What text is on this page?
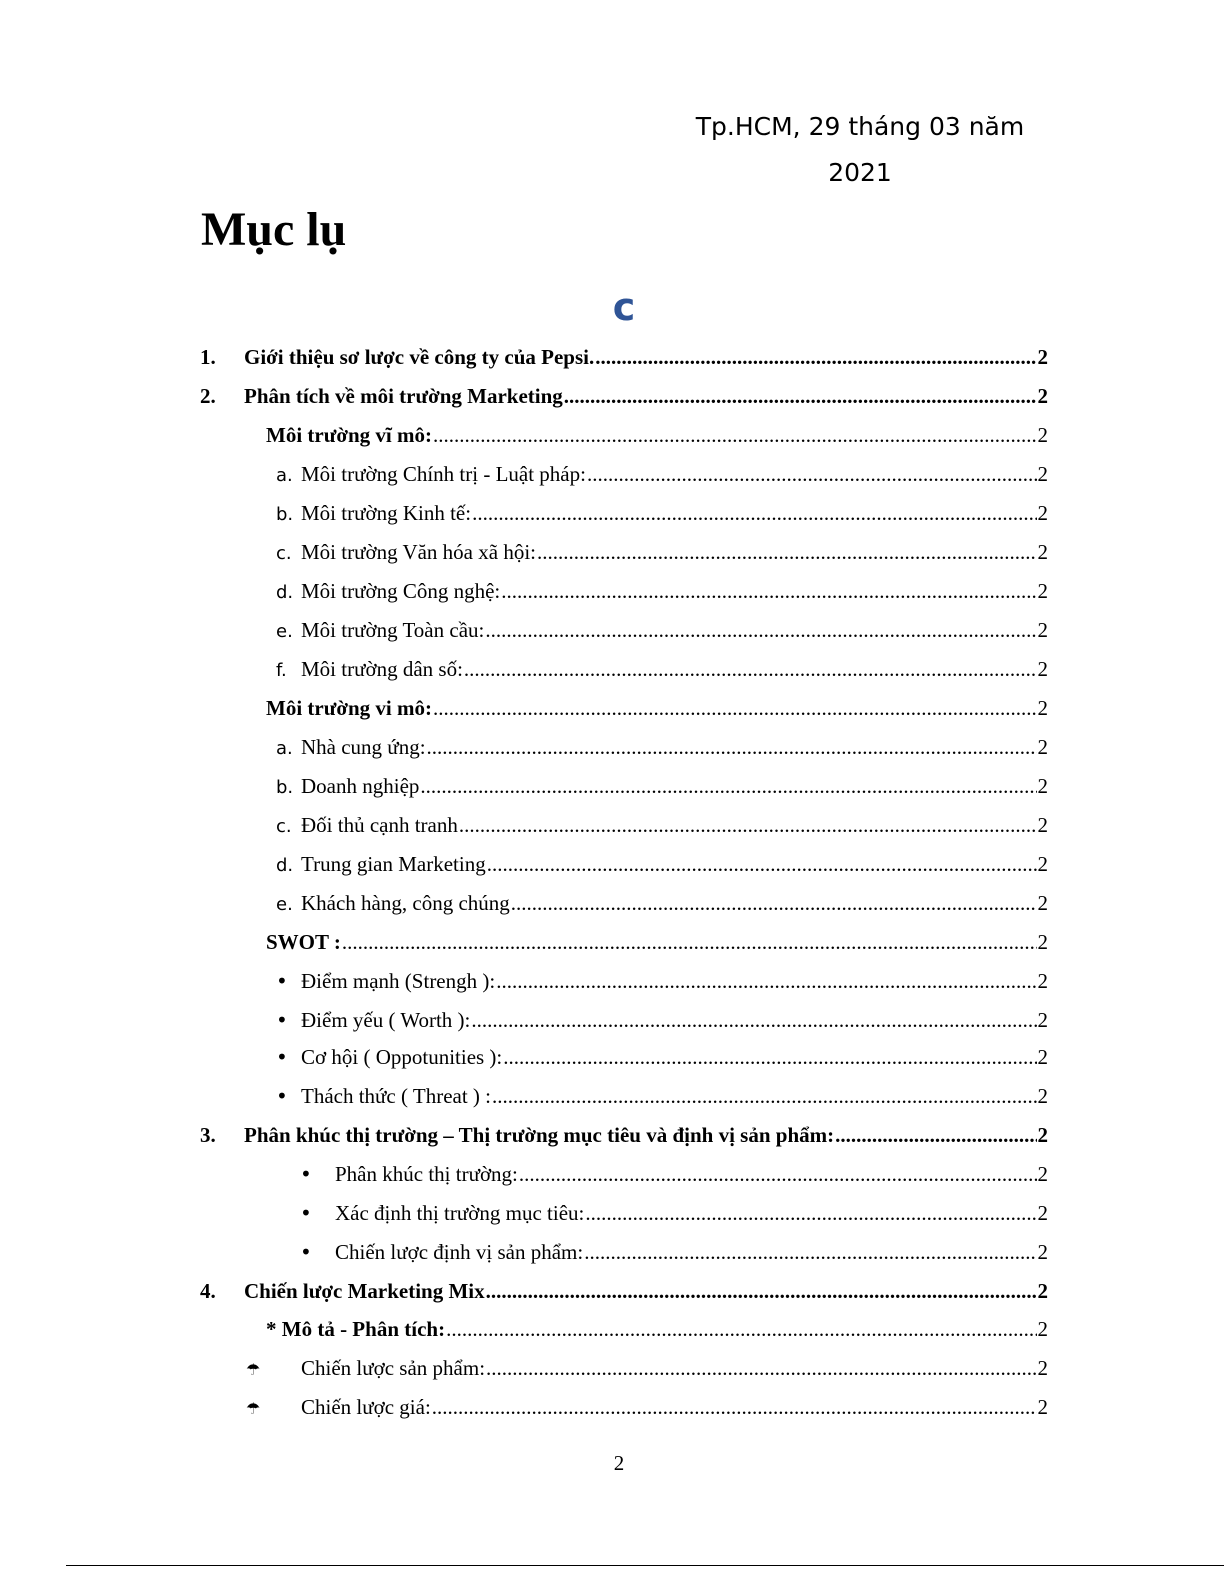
Tp.HCM, 29 tháng 03 năm
2021
Mục lụ
c
1.	Giới thiệu sơ lược về công ty của Pepsi. .....	2
2.	Phân tích về môi trường Marketing .....	2
Môi trường vĩ mô: .....	2
a. Môi trường Chính trị - Luật pháp: .....	2
b. Môi trường Kinh tế: .....	2
c. Môi trường Văn hóa xã hội: .....	2
d. Môi trường Công nghệ: .....	2
e. Môi trường Toàn cầu: .....	2
f. Môi trường dân số: .....	2
Môi trường vi mô: .....	2
a. Nhà cung ứng: .....	2
b. Doanh nghiệp .....	2
c. Đối thủ cạnh tranh .....	2
d. Trung gian Marketing .....	2
e. Khách hàng, công chúng .....	2
SWOT : .....	2
• Điểm mạnh (Strengh ): .....	2
• Điểm yếu ( Worth ): .....	2
• Cơ hội ( Oppotunities ): .....	2
• Thách thức ( Threat ) : .....	2
3.	Phân khúc thị trường – Thị trường mục tiêu và định vị sản phẩm: .....	2
• Phân khúc thị trường: .....	2
• Xác định thị trường mục tiêu: .....	2
• Chiến lược định vị sản phẩm: .....	2
4.	Chiến lược Marketing Mix .....	2
* Mô tả - Phân tích: .....	2
☂	Chiến lược sản phẩm: .....	2
☂	Chiến lược giá: .....	2
2
